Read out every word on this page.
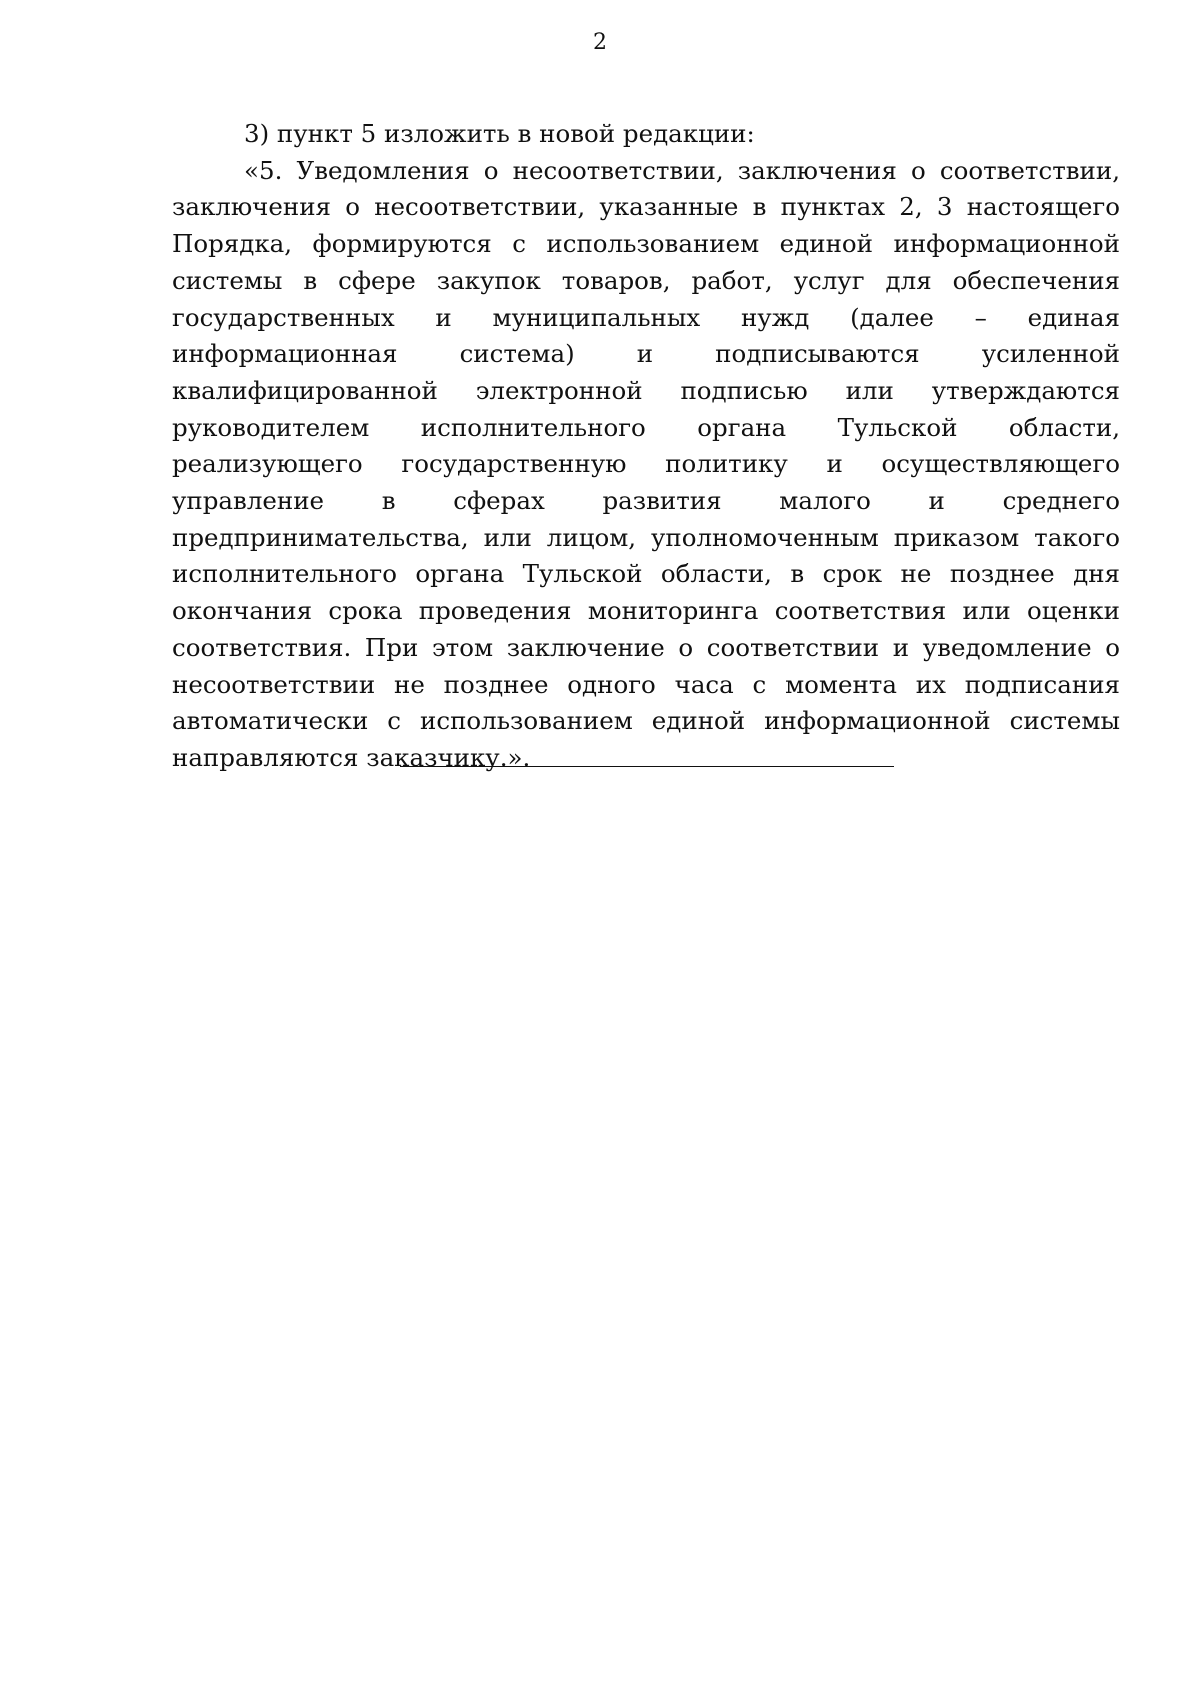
2

3) пункт 5 изложить в новой редакции:

«5. Уведомления о несоответствии, заключения о соответствии, заключения о несоответствии, указанные в пунктах 2, 3 настоящего Порядка, формируются с использованием единой информационной системы в сфере закупок товаров, работ, услуг для обеспечения государственных и муниципальных нужд (далее – единая информационная система) и подписываются усиленной квалифицированной электронной подписью или утверждаются руководителем исполнительного органа Тульской области, реализующего государственную политику и осуществляющего управление в сферах развития малого и среднего предпринимательства, или лицом, уполномоченным приказом такого исполнительного органа Тульской области, в срок не позднее дня окончания срока проведения мониторинга соответствия или оценки соответствия. При этом заключение о соответствии и уведомление о несоответствии не позднее одного часа с момента их подписания автоматически с использованием единой информационной системы направляются заказчику.».
